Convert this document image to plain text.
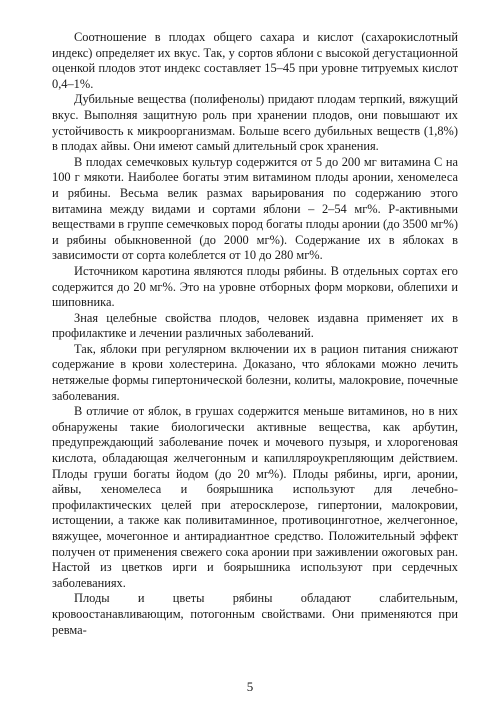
Соотношение в плодах общего сахара и кислот (сахарокислотный индекс) определяет их вкус. Так, у сортов яблони с высокой дегустационной оценкой плодов этот индекс составляет 15–45 при уровне титруемых кислот 0,4–1%.

Дубильные вещества (полифенолы) придают плодам терпкий, вяжущий вкус. Выполняя защитную роль при хранении плодов, они повышают их устойчивость к микроорганизмам. Больше всего дубильных веществ (1,8%) в плодах айвы. Они имеют самый длительный срок хранения.

В плодах семечковых культур содержится от 5 до 200 мг витамина С на 100 г мякоти. Наиболее богаты этим витамином плоды аронии, хеномелеса и рябины. Весьма велик размах варьирования по содержанию этого витамина между видами и сортами яблони – 2–54 мг%. Р-активными веществами в группе семечковых пород богаты плоды аронии (до 3500 мг%) и рябины обыкновенной (до 2000 мг%). Содержание их в яблоках в зависимости от сорта колеблется от 10 до 280 мг%.

Источником каротина являются плоды рябины. В отдельных сортах его содержится до 20 мг%. Это на уровне отборных форм моркови, облепихи и шиповника.

Зная целебные свойства плодов, человек издавна применяет их в профилактике и лечении различных заболеваний.

Так, яблоки при регулярном включении их в рацион питания снижают содержание в крови холестерина. Доказано, что яблоками можно лечить нетяжелые формы гипертонической болезни, колиты, малокровие, почечные заболевания.

В отличие от яблок, в грушах содержится меньше витаминов, но в них обнаружены такие биологически активные вещества, как арбутин, предупреждающий заболевание почек и мочевого пузыря, и хлорогеновая кислота, обладающая желчегонным и капилляроукрепляющим действием. Плоды груши богаты йодом (до 20 мг%). Плоды рябины, ирги, аронии, айвы, хеномелеса и боярышника используют для лечебно-профилактических целей при атеросклерозе, гипертонии, малокровии, истощении, а также как поливитаминное, противоцинготное, желчегонное, вяжущее, мочегонное и антирадиантное средство. Положительный эффект получен от применения свежего сока аронии при заживлении ожоговых ран. Настой из цветков ирги и боярышника используют при сердечных заболеваниях.

Плоды и цветы рябины обладают слабительным, кровоостанавливающим, потогонным свойствами. Они применяются при ревма-

5
